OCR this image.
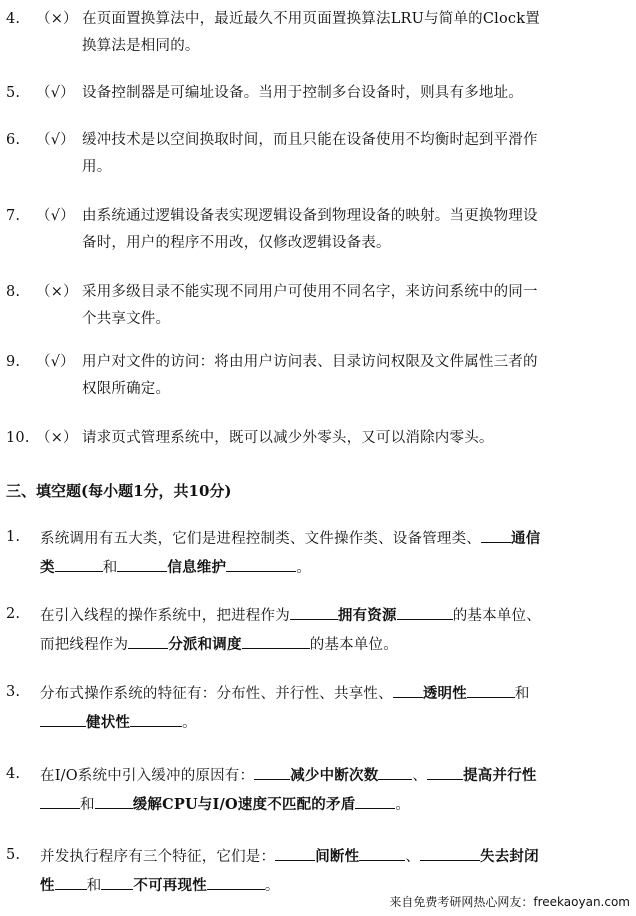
4.	（×） 在页面置换算法中，最近最久不用页面置换算法LRU与简单的Clock置
换算法是相同的。
5.	（√） 设备控制器是可编址设备。当用于控制多台设备时，则具有多地址。
6.	（√） 缓冲技术是以空间换取时间，而且只能在设备使用不均衡时起到平滑作
用。
7.	（√） 由系统通过逻辑设备表实现逻辑设备到物理设备的映射。当更换物理设
备时，用户的程序不用改，仅修改逻辑设备表。
8.	（×） 采用多级目录不能实现不同用户可使用不同名字，来访问系统中的同一
个共享文件。
9.	（√） 用户对文件的访问：将由用户访问表、目录访问权限及文件属性三者的
权限所确定。
10. （×） 请求页式管理系统中，既可以减少外零头，又可以消除内零头。
三、填空题(每小题1分，共10分)
1.	系统调用有五大类，它们是进程控制类、文件操作类、设备管理类、 通信
类	和	信息维护	。
2.	在引入线程的操作系统中，把进程作为	拥有资源	的基本单位、
而把线程作为	分派和调度	的基本单位。
3.	分布式操作系统的特征有：分布性、并行性、共享性、 透明性	和
健状性	。
4.	在I/O系统中引入缓冲的原因有： 减少中断次数 、 提高并行性
和	缓解CPU与I/O速度不匹配的矛盾	。
5.	并发执行程序有三个特征，它们是：	间断性	、	失去封闭
性 和 不可再现性	。
来自免费考研网热心网友：freekaoyan.com
